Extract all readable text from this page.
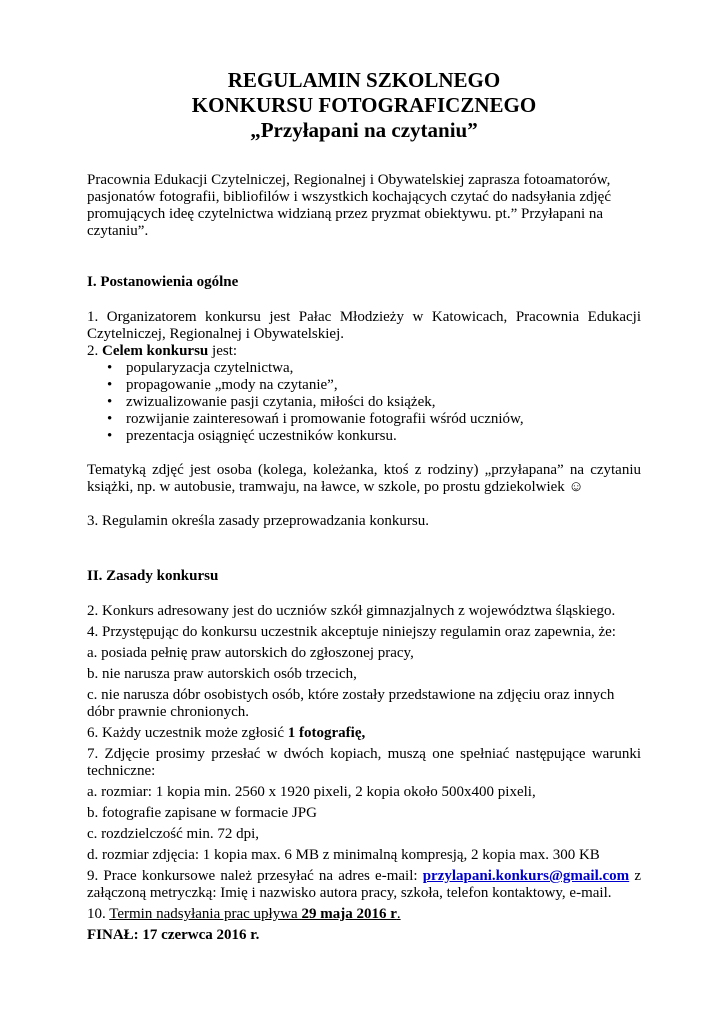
REGULAMIN SZKOLNEGO
KONKURSU FOTOGRAFICZNEGO
„Przyłapani na czytaniu”

Pracownia Edukacji Czytelniczej, Regionalnej i Obywatelskiej zaprasza fotoamatorów, pasjonatów fotografii, bibliofilów i wszystkich kochających czytać do nadsyłania zdjęć promujących ideę czytelnictwa widzianą przez pryzmat obiektywu. pt.” Przyłapani na czytaniu”.

I. Postanowienia ogólne

1. Organizatorem konkursu jest Pałac Młodzieży w Katowicach, Pracownia Edukacji Czytelniczej, Regionalnej i Obywatelskiej.

2. Celem konkursu jest:

• popularyzacja czytelnictwa,
• propagowanie „mody na czytanie”,
• zwizualizowanie pasji czytania, miłości do książek,
• rozwijanie zainteresowań i promowanie fotografii wśród uczniów,
• prezentacja osiągnięć uczestników konkursu.

Tematyką zdjęć jest osoba (kolega, koleżanka, ktoś z rodziny) „przyłapana” na czytaniu książki, np. w autobusie, tramwaju, na ławce, w szkole, po prostu gdziekolwiek ☺

3. Regulamin określa zasady przeprowadzania konkursu.

II. Zasady konkursu

2. Konkurs adresowany jest do uczniów szkół gimnazjalnych z województwa śląskiego.

4. Przystępując do konkursu uczestnik akceptuje niniejszy regulamin oraz zapewnia, że:

a. posiada pełnię praw autorskich do zgłoszonej pracy,

b. nie narusza praw autorskich osób trzecich,

c. nie narusza dóbr osobistych osób, które zostały przedstawione na zdjęciu oraz innych dóbr prawnie chronionych.

6. Każdy uczestnik może zgłosić 1 fotografię,

7. Zdjęcie prosimy przesłać w dwóch kopiach, muszą one spełniać następujące warunki techniczne:

a. rozmiar: 1 kopia min. 2560 x 1920 pixeli, 2 kopia około 500x400 pixeli,

b. fotografie zapisane w formacie JPG

c. rozdzielczość min. 72 dpi,

d. rozmiar zdjęcia: 1 kopia max. 6 MB z minimalną kompresją, 2 kopia max. 300 KB

9. Prace konkursowe należ przesyłać na adres e-mail: przylapani.konkurs@gmail.com z załączoną metryczką: Imię i nazwisko autora pracy, szkoła, telefon kontaktowy, e-mail.

10. Termin nadsyłania prac upływa 29 maja 2016 r.

FINAŁ: 17 czerwca 2016 r.
